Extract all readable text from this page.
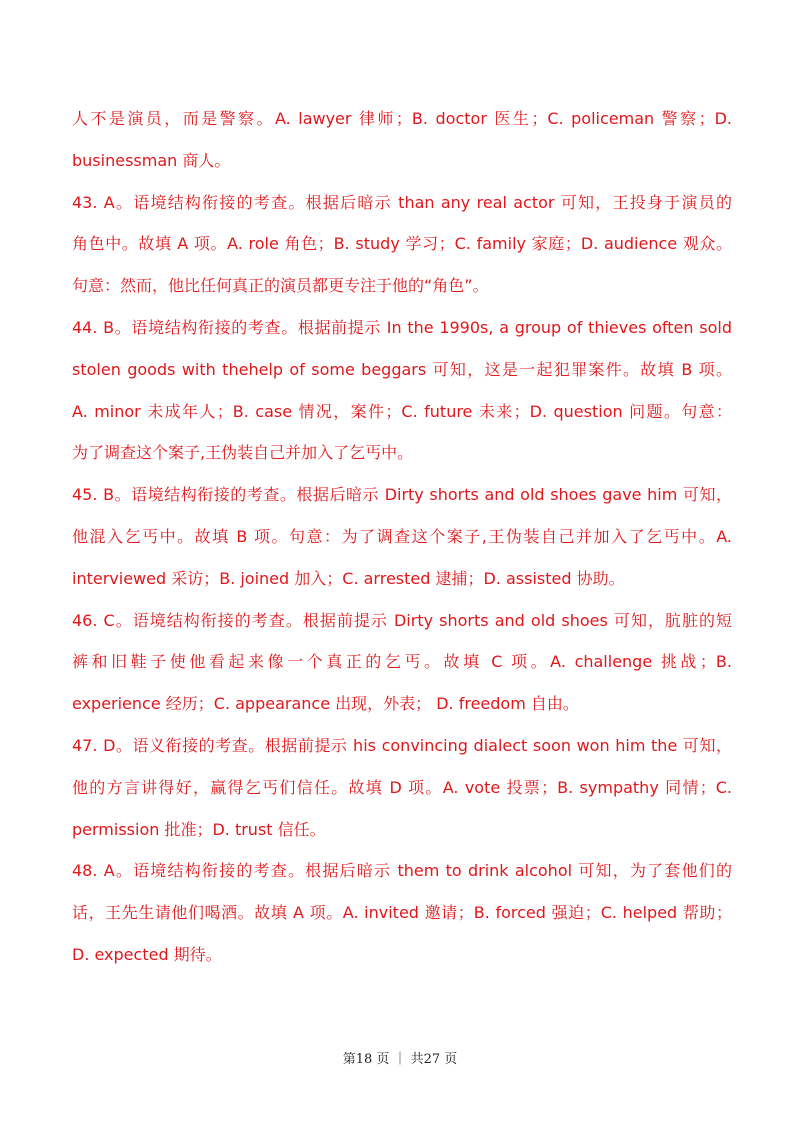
人不是演员，而是警察。A. lawyer 律师；B. doctor 医生；C. policeman 警察；D.
businessman 商人。
43. A。语境结构衔接的考查。根据后暗示 than any real actor 可知，王投身于演员的
角色中。故填 A 项。A. role 角色；B. study 学习；C. family 家庭；D. audience 观众。
句意：然而，他比任何真正的演员都更专注于他的“角色”。
44. B。语境结构衔接的考查。根据前提示 In the 1990s, a group of thieves often sold
stolen goods with thehelp of some beggars 可知，这是一起犯罪案件。故填 B 项。
A. minor 未成年人；B. case 情况，案件；C. future 未来；D. question 问题。句意：
为了调查这个案子,王伪装自己并加入了乞丐中。
45. B。语境结构衔接的考查。根据后暗示 Dirty shorts and old shoes gave him 可知，
他混入乞丐中。故填 B 项。句意：为了调查这个案子,王伪装自己并加入了乞丐中。A.
interviewed 采访；B. joined 加入；C. arrested 逮捕；D. assisted 协助。
46. C。语境结构衔接的考查。根据前提示 Dirty shorts and old shoes 可知，肮脏的短
裤和旧鞋子使他看起来像一个真正的乞丐。故填 C 项。A. challenge 挑战；B.
experience 经历；C. appearance 出现，外表； D. freedom 自由。
47. D。语义衔接的考查。根据前提示 his convincing dialect soon won him the 可知，
他的方言讲得好，赢得乞丐们信任。故填 D 项。A. vote 投票；B. sympathy 同情；C.
permission 批准；D. trust 信任。
48. A。语境结构衔接的考查。根据后暗示 them to drink alcohol 可知，为了套他们的
话，王先生请他们喝酒。故填 A 项。A. invited 邀请；B. forced 强迫；C. helped 帮助；
D. expected 期待。
第18 页 ｜ 共27 页
